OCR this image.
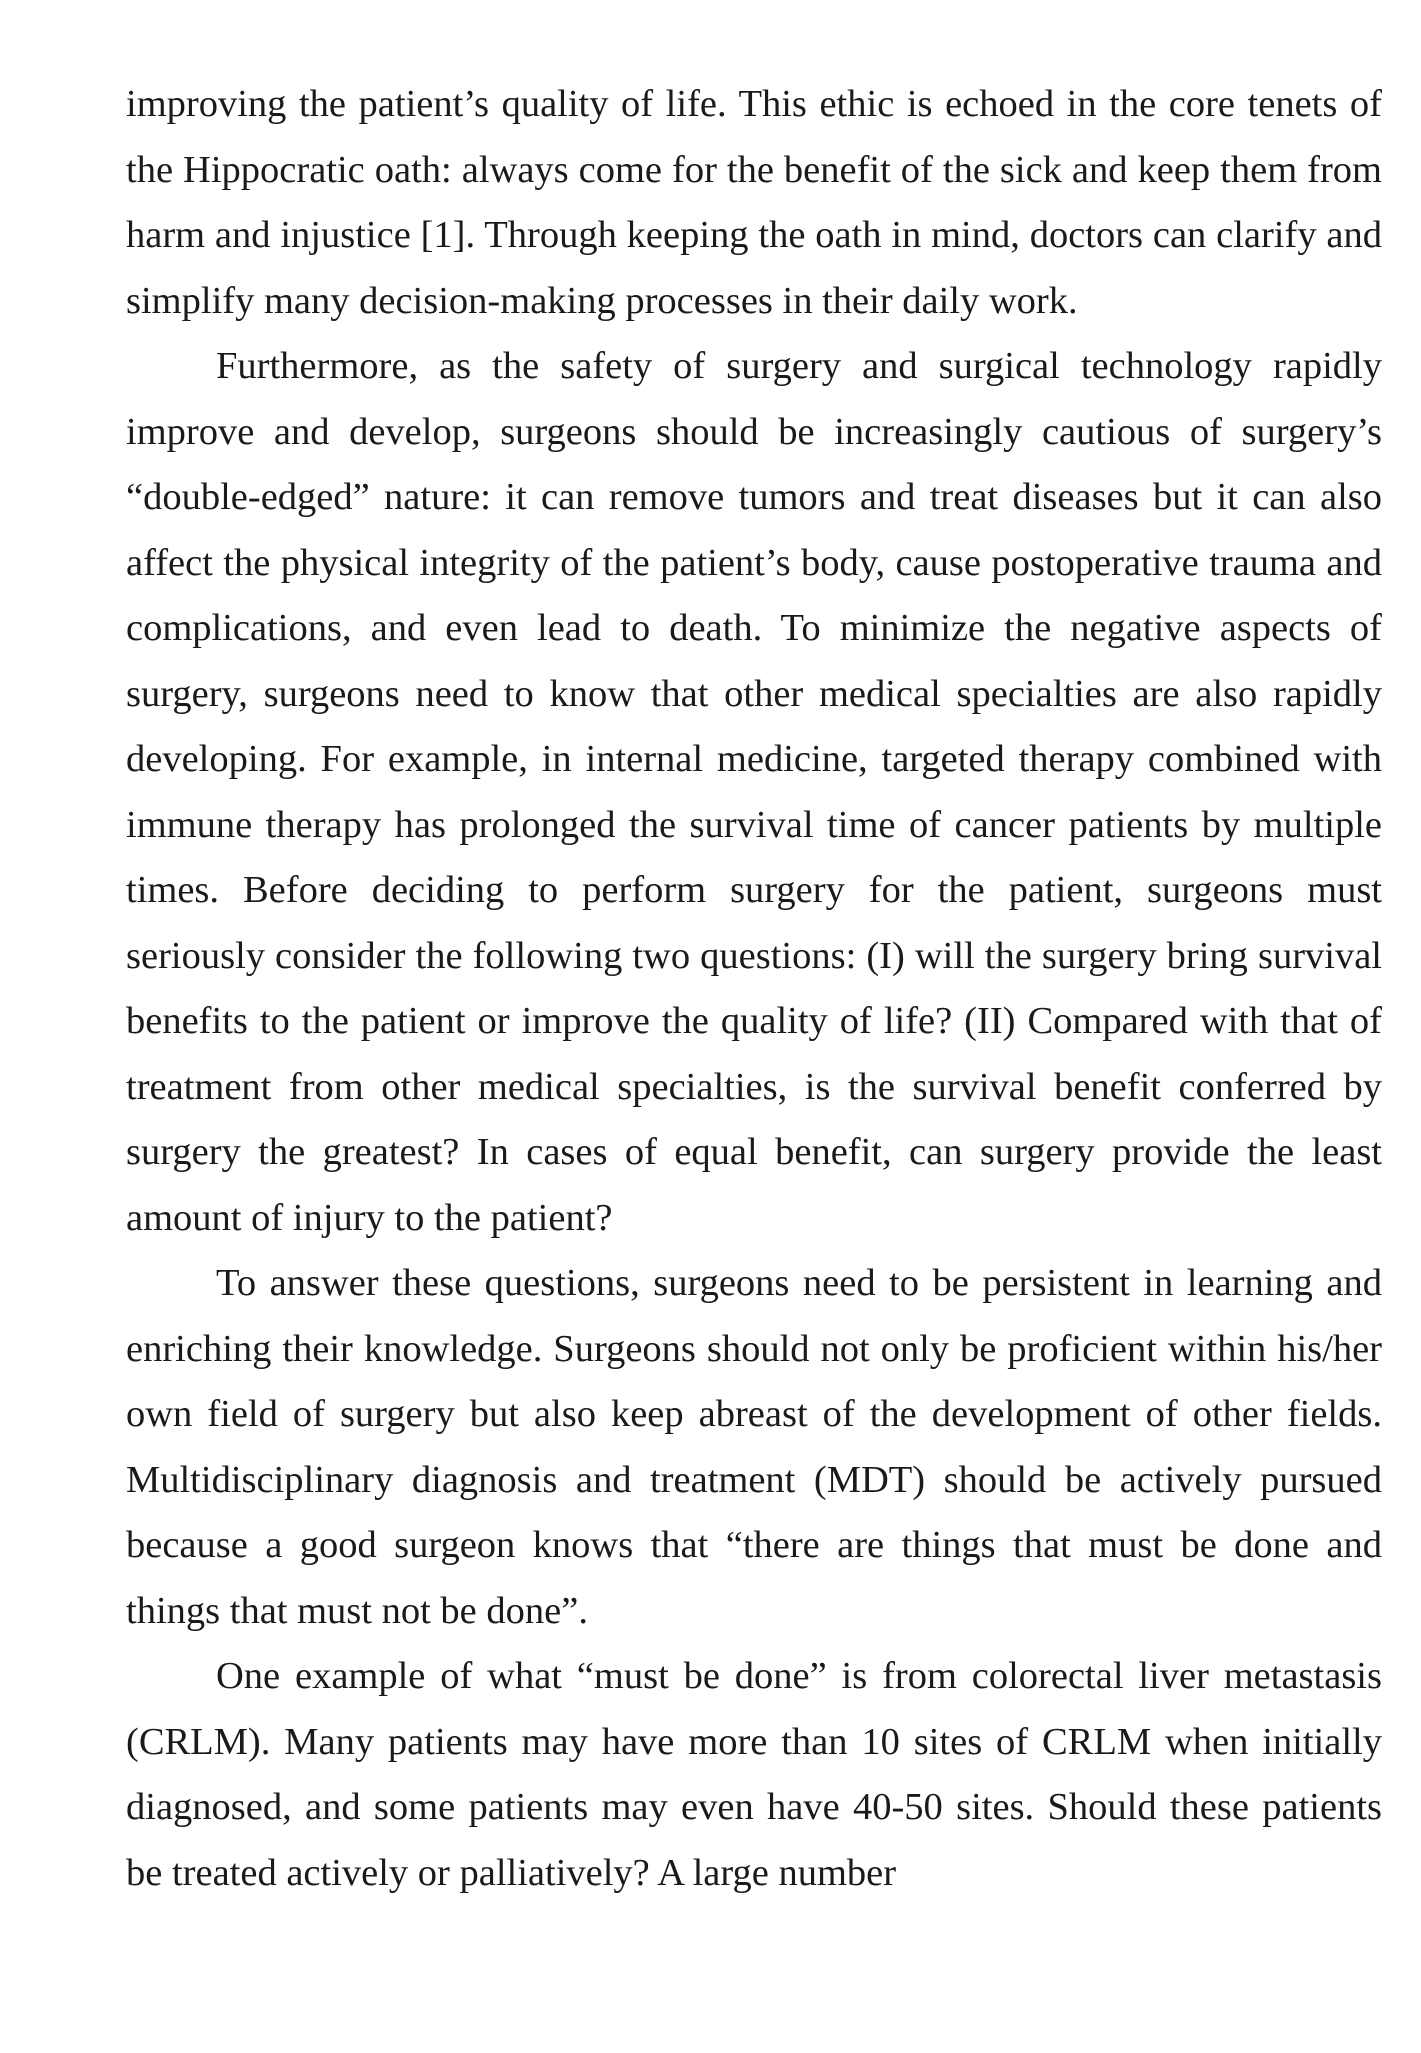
improving the patient’s quality of life. This ethic is echoed in the core tenets of the Hippocratic oath: always come for the benefit of the sick and keep them from harm and injustice [1]. Through keeping the oath in mind, doctors can clarify and simplify many decision-making processes in their daily work.

Furthermore, as the safety of surgery and surgical technology rapidly improve and develop, surgeons should be increasingly cautious of surgery’s “double-edged” nature: it can remove tumors and treat diseases but it can also affect the physical integrity of the patient’s body, cause postoperative trauma and complications, and even lead to death. To minimize the negative aspects of surgery, surgeons need to know that other medical specialties are also rapidly developing. For example, in internal medicine, targeted therapy combined with immune therapy has prolonged the survival time of cancer patients by multiple times. Before deciding to perform surgery for the patient, surgeons must seriously consider the following two questions: (I) will the surgery bring survival benefits to the patient or improve the quality of life? (II) Compared with that of treatment from other medical specialties, is the survival benefit conferred by surgery the greatest? In cases of equal benefit, can surgery provide the least amount of injury to the patient?

To answer these questions, surgeons need to be persistent in learning and enriching their knowledge. Surgeons should not only be proficient within his/her own field of surgery but also keep abreast of the development of other fields. Multidisciplinary diagnosis and treatment (MDT) should be actively pursued because a good surgeon knows that “there are things that must be done and things that must not be done”.

One example of what “must be done” is from colorectal liver metastasis (CRLM). Many patients may have more than 10 sites of CRLM when initially diagnosed, and some patients may even have 40-50 sites. Should these patients be treated actively or palliatively? A large number
